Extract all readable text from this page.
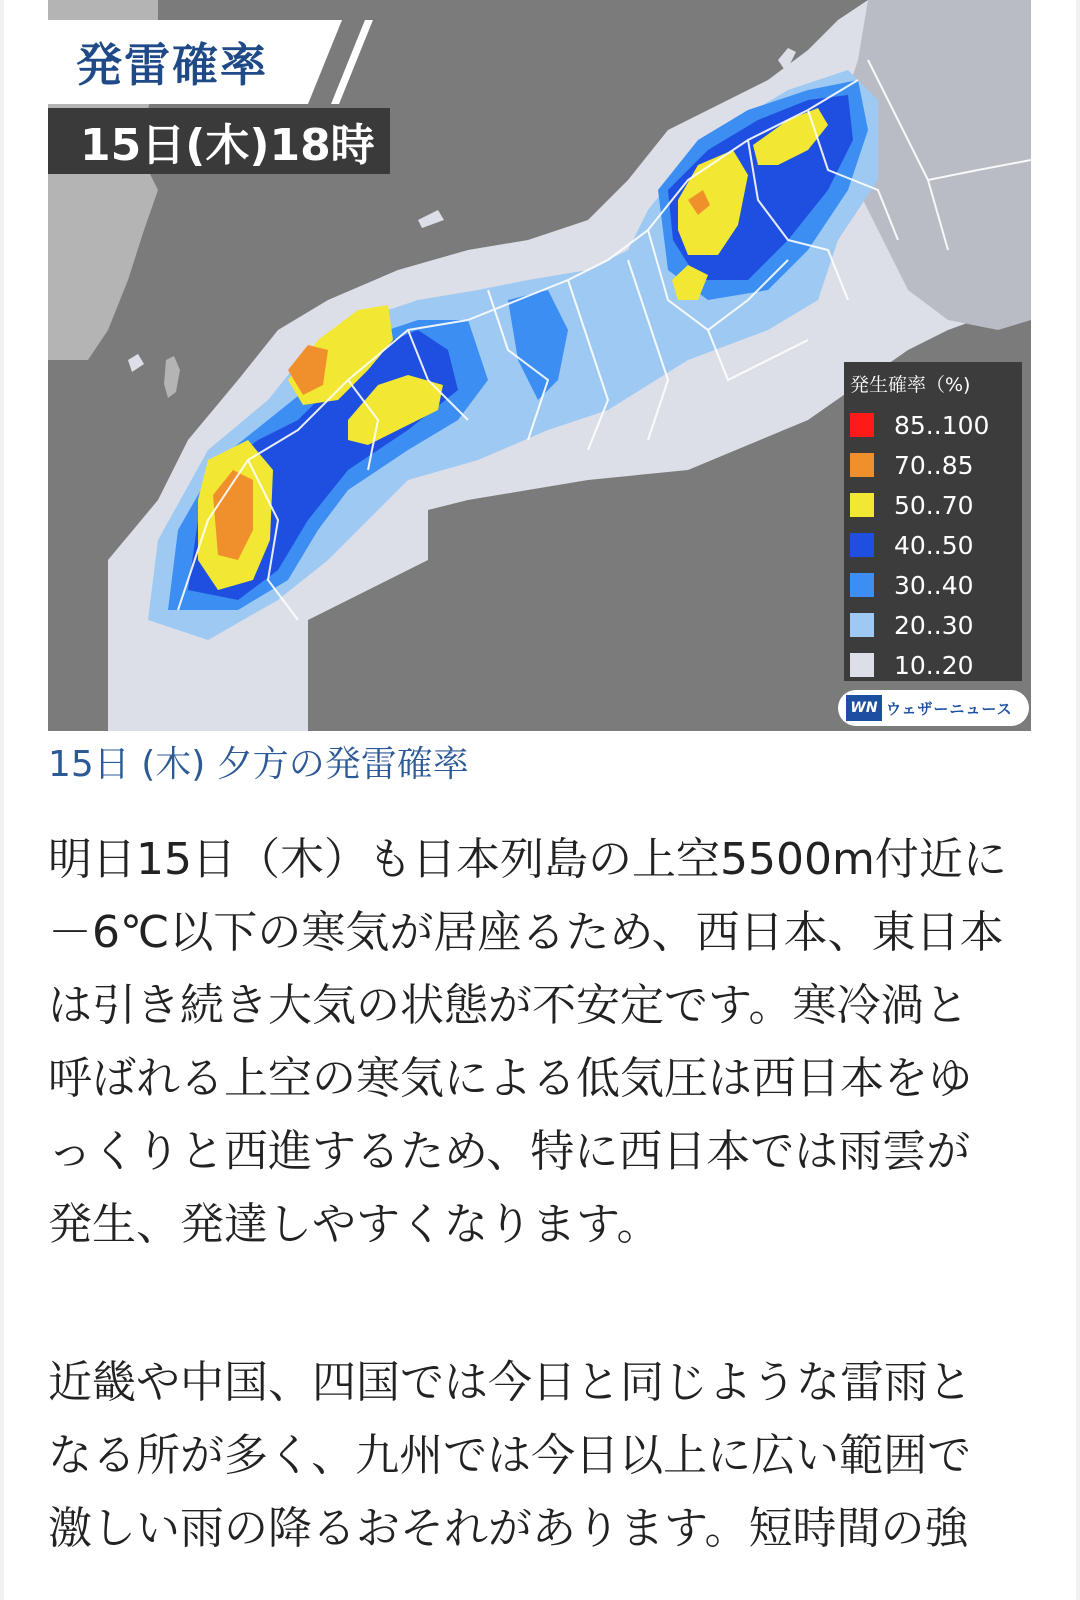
発雷確率
15日(木)18時
発生確率（%)
85..100
70..85
50..70
40..50
30..40
20..30
10..20
WN ウェザーニュース
15日 (木) 夕方の発雷確率
明日15日（木）も日本列島の上空5500m付近に－6℃以下の寒気が居座るため、西日本、東日本は引き続き大気の状態が不安定です。寒冷渦と呼ばれる上空の寒気による低気圧は西日本をゆっくりと西進するため、特に西日本では雨雲が発生、発達しやすくなります。
近畿や中国、四国では今日と同じような雷雨となる所が多く、九州では今日以上に広い範囲で激しい雨の降るおそれがあります。短時間の強
